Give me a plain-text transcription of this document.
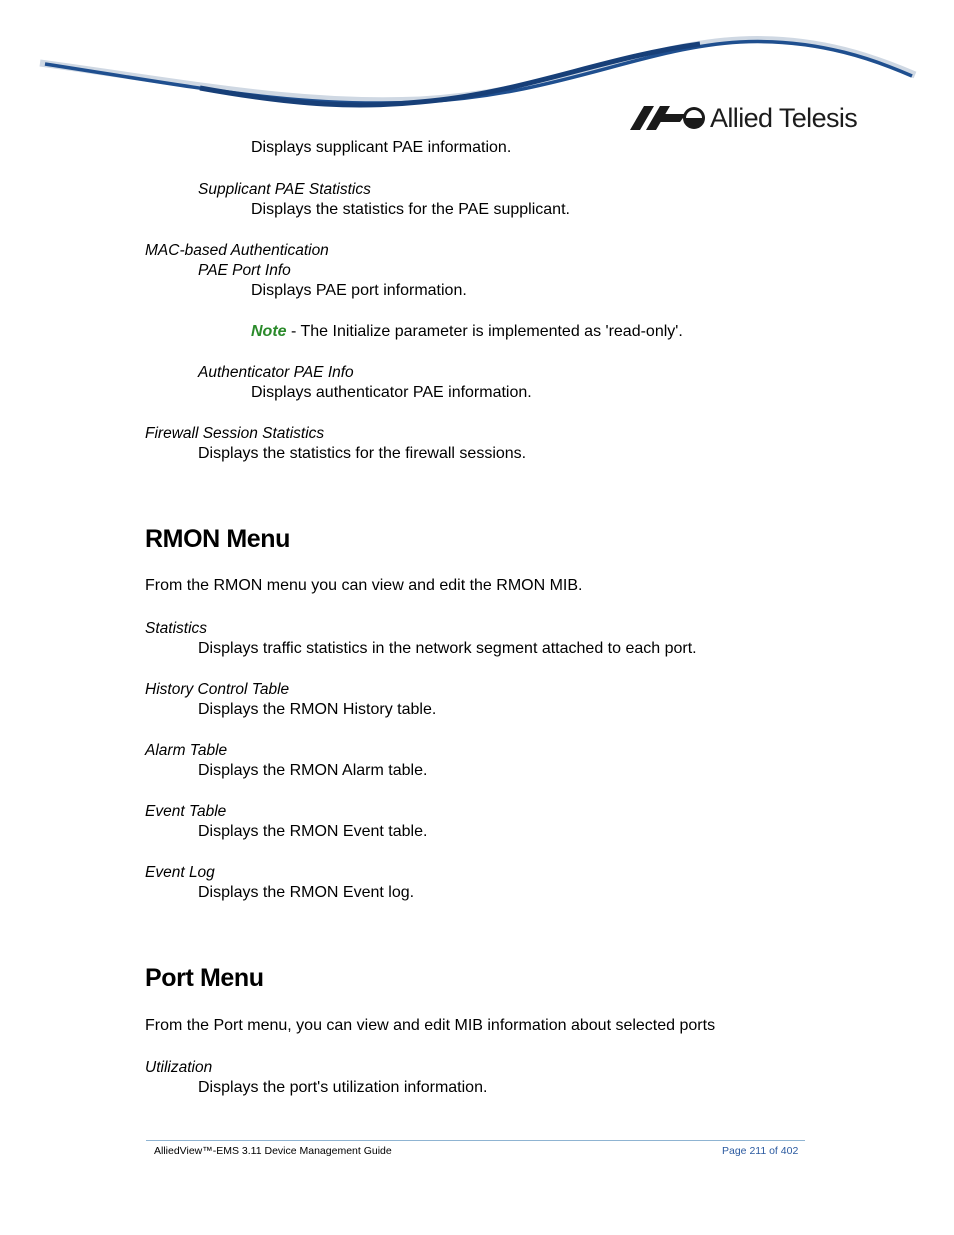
Allied Telesis
Displays supplicant PAE information.
Supplicant PAE Statistics
Displays the statistics for the PAE supplicant.
MAC-based Authentication
PAE Port Info
Displays PAE port information.
Note - The Initialize parameter is implemented as 'read-only'.
Authenticator PAE Info
Displays authenticator PAE information.
Firewall Session Statistics
Displays the statistics for the firewall sessions.
RMON Menu
From the RMON menu you can view and edit the RMON MIB.
Statistics
Displays traffic statistics in the network segment attached to each port.
History Control Table
Displays the RMON History table.
Alarm Table
Displays the RMON Alarm table.
Event Table
Displays the RMON Event table.
Event Log
Displays the RMON Event log.
Port Menu
From the Port menu, you can view and edit MIB information about selected ports
Utilization
Displays the port's utilization information.
AlliedView™-EMS 3.11 Device Management Guide	Page 211 of 402
